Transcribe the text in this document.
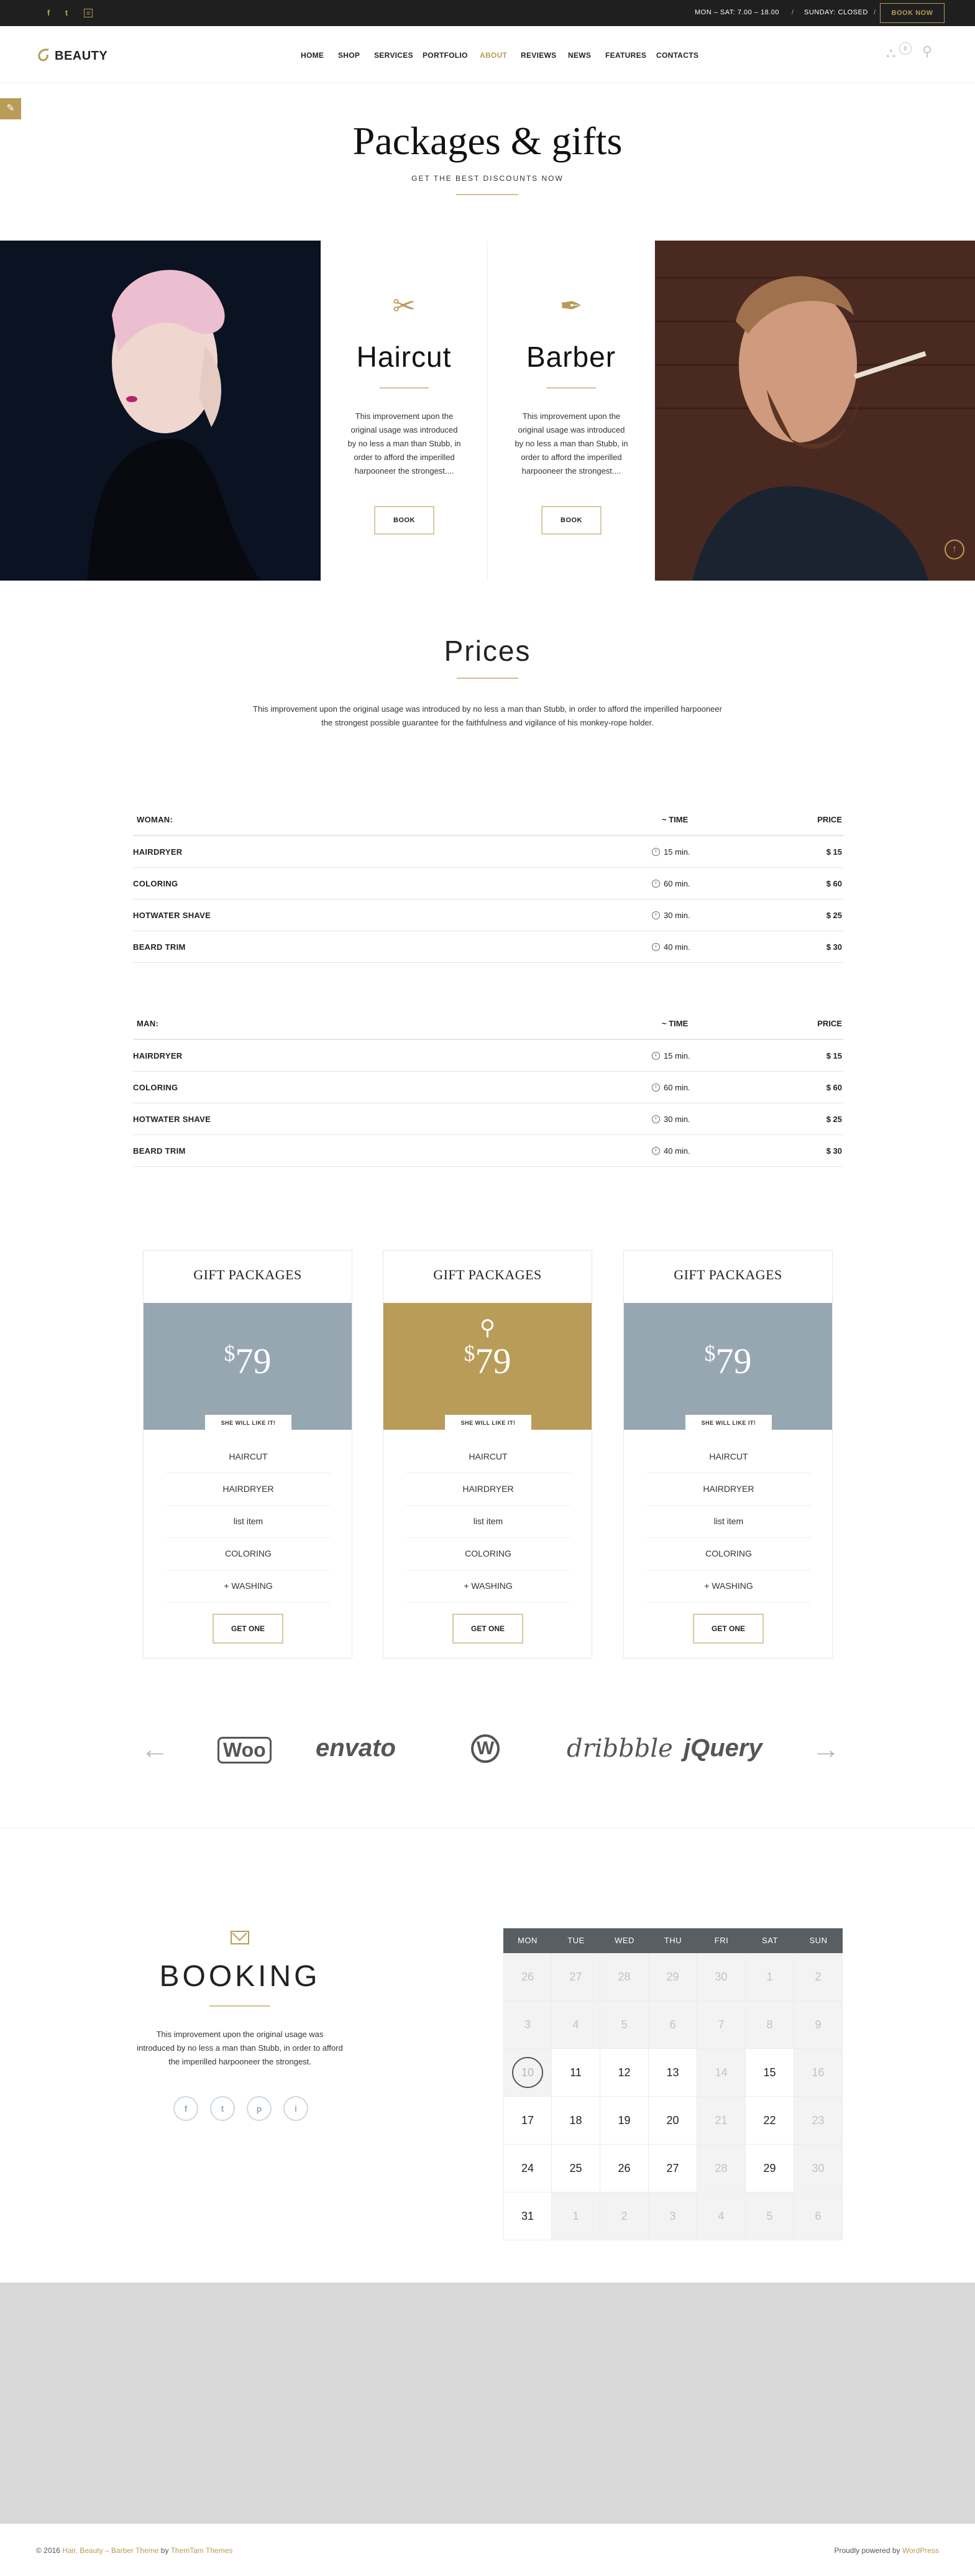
f	t	◎	MON – SAT: 7.00 – 18.00 / SUNDAY: CLOSED /	BOOK NOW
BEAUTY	HOME SHOP SERVICES PORTFOLIO ABOUT REVIEWS NEWS FEATURES CONTACTS	⛬ ⚲
0
✎
Packages & gifts
GET THE BEST DISCOUNTS NOW
✂
Haircut
This improvement upon the original usage was introduced by no less a man than Stubb, in order to afford the imperilled harpooneer the strongest....
BOOK
✒
Barber
This improvement upon the original usage was introduced by no less a man than Stubb, in order to afford the imperilled harpooneer the strongest....
BOOK
↑
Prices
This improvement upon the original usage was introduced by no less a man than Stubb, in order to afford the imperilled harpooneer the strongest possible guarantee for the faithfulness and vigilance of his monkey-rope holder.
WOMAN:	~ TIME	PRICE
HAIRDRYER	15 min.	$ 15
COLORING	60 min.	$ 60
HOTWATER SHAVE	30 min.	$ 25
BEARD TRIM	40 min.	$ 30
MAN:	~ TIME	PRICE
HAIRDRYER	15 min.	$ 15
COLORING	60 min.	$ 60
HOTWATER SHAVE	30 min.	$ 25
BEARD TRIM	40 min.	$ 30
GIFT PACKAGES
$79
SHE WILL LIKE IT!
HAIRCUT
HAIRDRYER
list item
COLORING
+ WASHING
GET ONE
GIFT PACKAGES
⚲
$79
SHE WILL LIKE IT!
HAIRCUT
HAIRDRYER
list item
COLORING
+ WASHING
GET ONE
GIFT PACKAGES
$79
SHE WILL LIKE IT!
HAIRCUT
HAIRDRYER
list item
COLORING
+ WASHING
GET ONE
←	Woo envato	W	dribbble jQuery →
BOOKING
This improvement upon the original usage was introduced by no less a man than Stubb, in order to afford the imperilled harpooneer the strongest.
f	t	p	i
MON	TUE	WED	THU	FRI	SAT	SUN
26	27	28	29	30	1	2
3	4	5	6	7	8	9
10	11	12	13	14	15	16
17	18	19	20	21	22	23
24	25	26	27	28	29	30
31	1	2	3	4	5	6
© 2016 Hair, Beauty – Barber Theme by ThemTam Themes	Proudly powered by WordPress
